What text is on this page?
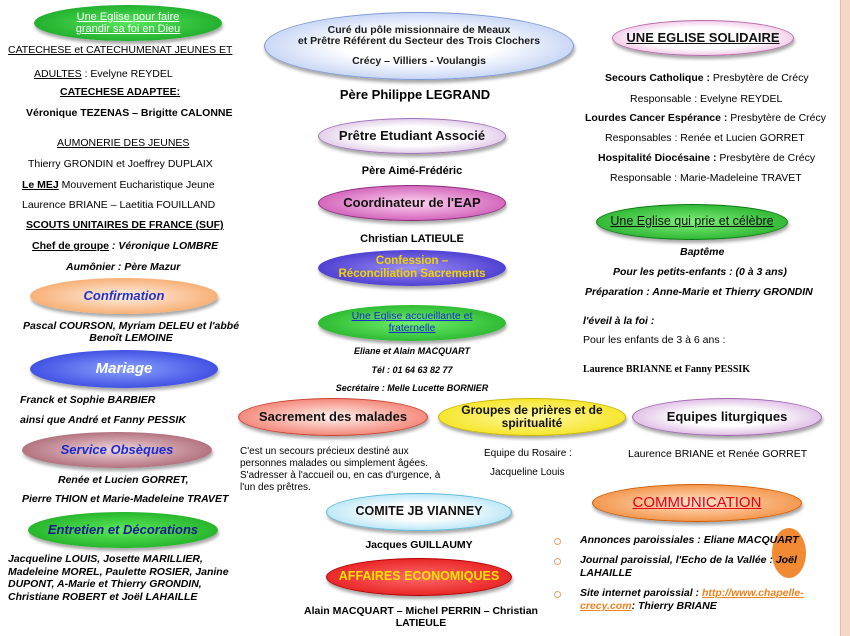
Une Eglise pour faire grandir sa foi en Dieu
CATECHESE et CATECHUMENAT JEUNES ET
ADULTES : Evelyne REYDEL
CATECHESE ADAPTEE:
Véronique TEZENAS – Brigitte CALONNE
AUMONERIE DES JEUNES
Thierry GRONDIN et Joeffrey DUPLAIX
Le MEJ Mouvement Eucharistique Jeune
Laurence BRIANE – Laetitia FOUILLAND
SCOUTS UNITAIRES DE FRANCE (SUF)
Chef de groupe : Véronique LOMBRE
Aumônier : Père Mazur
Confirmation
Pascal COURSON, Myriam DELEU et l'abbé Benoît LEMOINE
Mariage
Franck et Sophie BARBIER
ainsi que André et Fanny PESSIK
Service Obsèques
Renée et Lucien GORRET,
Pierre THION et Marie-Madeleine TRAVET
Entretien et Décorations
Jacqueline LOUIS, Josette MARILLIER, Madeleine MOREL, Paulette ROSIER, Janine DUPONT, A-Marie et Thierry GRONDIN, Christiane ROBERT et Joël LAHAILLE
Curé du pôle missionnaire de Meaux
et Prêtre Référent du Secteur des Trois Clochers
Crécy – Villiers - Voulangis
Père Philippe LEGRAND
Prêtre Etudiant Associé
Père Aimé-Frédéric
Coordinateur de l'EAP
Christian LATIEULE
Confession – Réconciliation Sacrements
Une Eglise accueillante et fraternelle
Eliane et Alain MACQUART
Tél : 01 64 63 82 77
Secrétaire : Melle Lucette BORNIER
Sacrement des malades
C'est un secours précieux destiné aux personnes malades ou simplement âgées. S'adresser à l'accueil ou, en cas d'urgence, à l'un des prêtres.
Groupes de prières et de spiritualité
Equipe du Rosaire :
Jacqueline Louis
COMITE JB VIANNEY
Jacques GUILLAUMY
AFFAIRES ECONOMIQUES
Alain MACQUART – Michel PERRIN – Christian LATIEULE
UNE EGLISE SOLIDAIRE
Secours Catholique : Presbytère de Crécy
Responsable : Evelyne REYDEL
Lourdes Cancer Espérance : Presbytère de Crécy
Responsables : Renée et Lucien GORRET
Hospitalité Diocésaine : Presbytère de Crécy
Responsable : Marie-Madeleine TRAVET
Une Eglise qui prie et célèbre
Baptême
Pour les petits-enfants : (0 à 3 ans)
Préparation : Anne-Marie et Thierry GRONDIN
l'éveil à la foi :
Pour les enfants de 3 à 6 ans :
Laurence BRIANNE et Fanny PESSIK
Equipes liturgiques
Laurence BRIANE et Renée GORRET
COMMUNICATION
Annonces paroissiales : Eliane MACQUART
Journal paroissial, l'Echo de la Vallée : Joël LAHAILLE
Site internet paroissial : http://www.chapelle-crecy.com: Thierry BRIANE
